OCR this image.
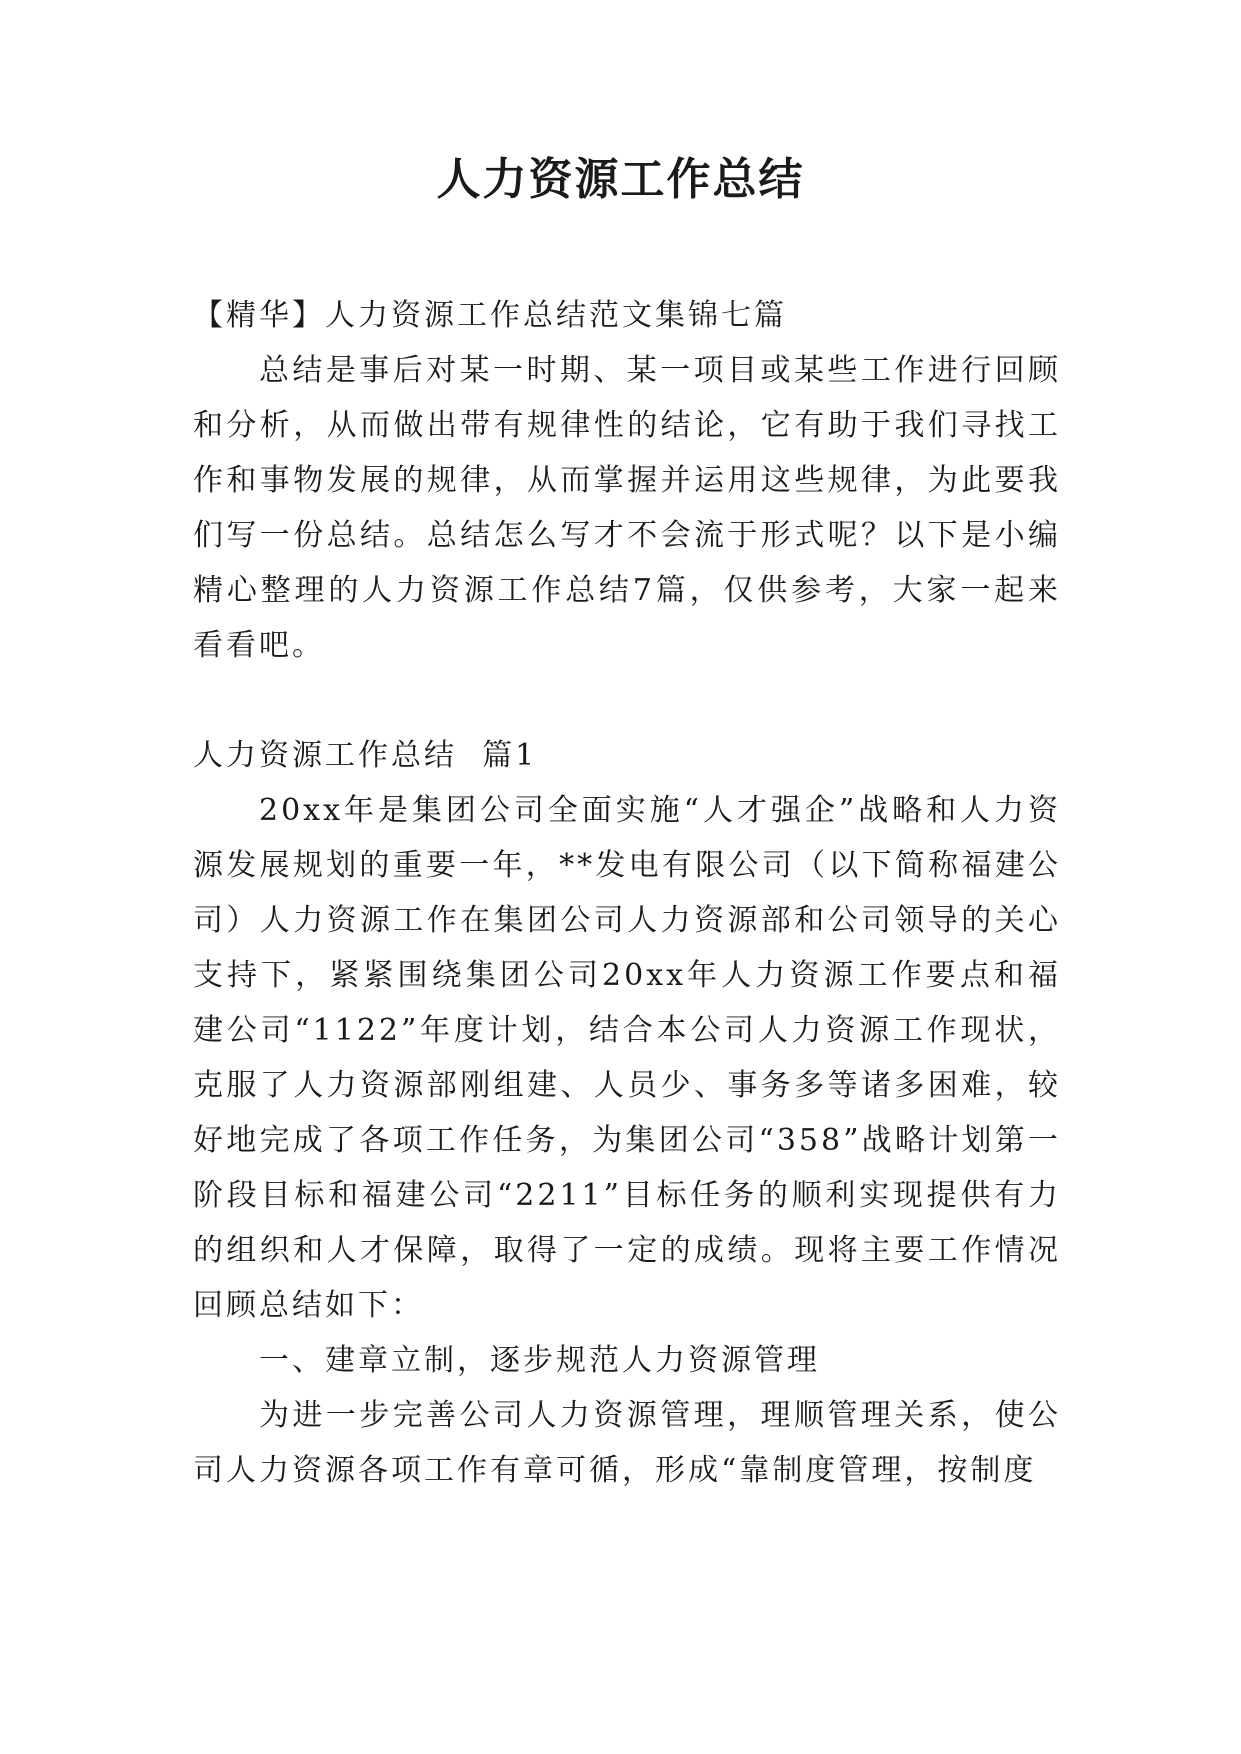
人力资源工作总结

【精华】人力资源工作总结范文集锦七篇

总结是事后对某一时期、某一项目或某些工作进行回顾和分析，从而做出带有规律性的结论，它有助于我们寻找工作和事物发展的规律，从而掌握并运用这些规律，为此要我们写一份总结。总结怎么写才不会流于形式呢？以下是小编精心整理的人力资源工作总结7篇，仅供参考，大家一起来看看吧。

人力资源工作总结  篇1

20xx年是集团公司全面实施“人才强企”战略和人力资源发展规划的重要一年，**发电有限公司（以下简称福建公司）人力资源工作在集团公司人力资源部和公司领导的关心支持下，紧紧围绕集团公司20xx年人力资源工作要点和福建公司“1122”年度计划，结合本公司人力资源工作现状，克服了人力资源部刚组建、人员少、事务多等诸多困难，较好地完成了各项工作任务，为集团公司“358”战略计划第一阶段目标和福建公司“2211”目标任务的顺利实现提供有力的组织和人才保障，取得了一定的成绩。现将主要工作情况回顾总结如下：

一、建章立制，逐步规范人力资源管理

为进一步完善公司人力资源管理，理顺管理关系，使公司人力资源各项工作有章可循，形成“靠制度管理，按制度
